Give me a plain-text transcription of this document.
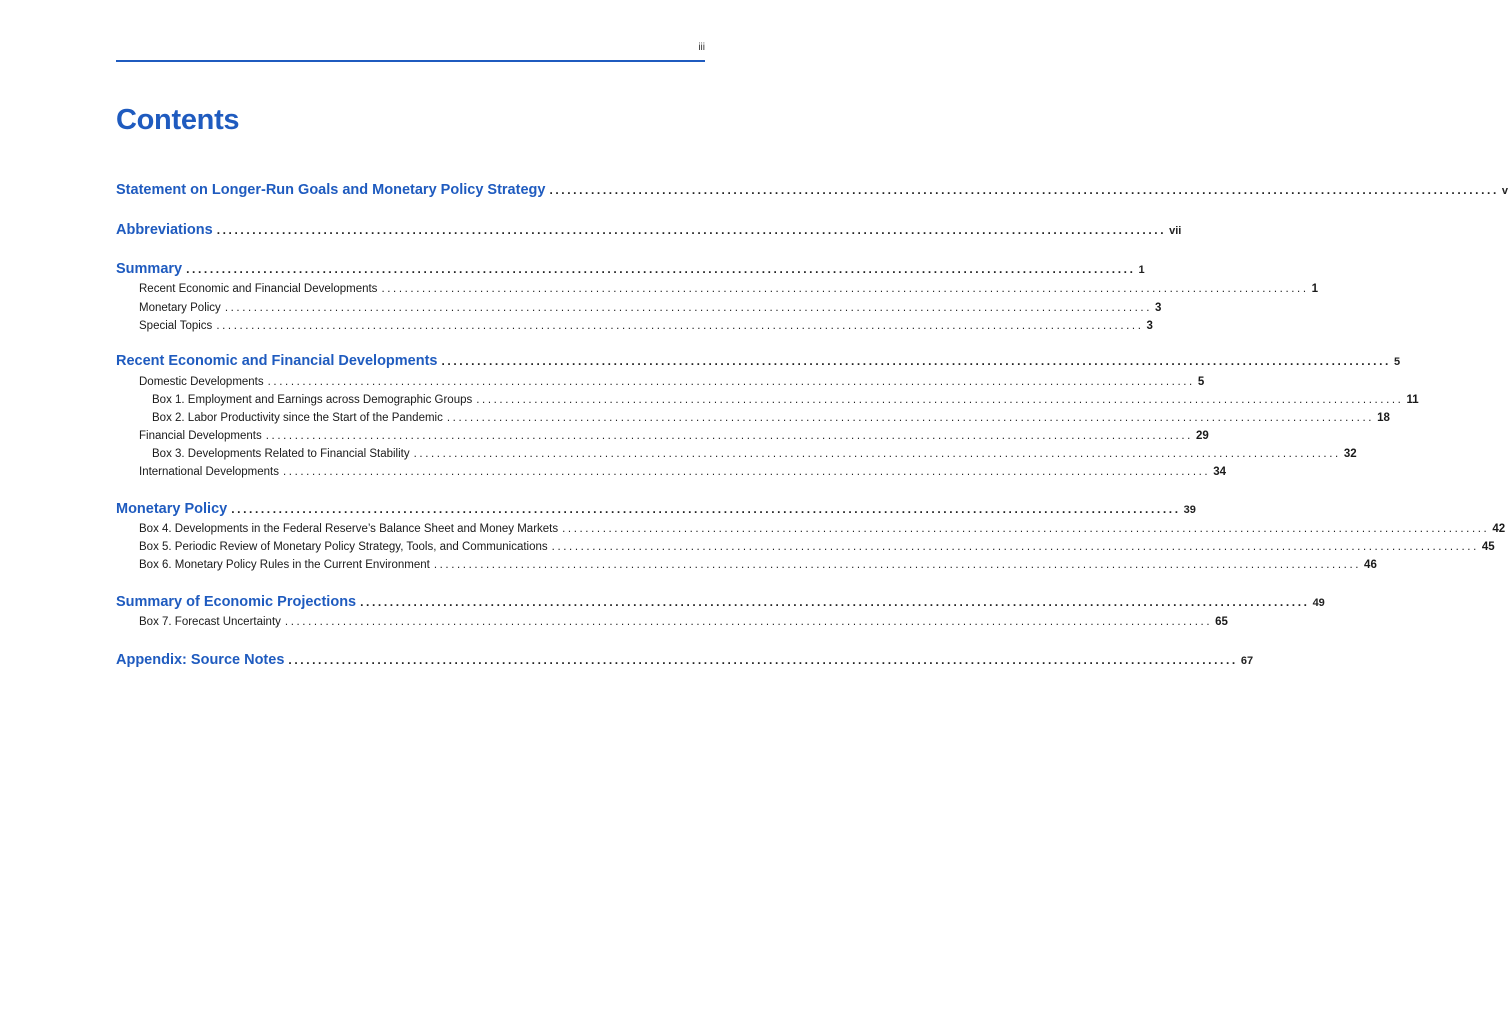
iii
Contents
Statement on Longer-Run Goals and Monetary Policy Strategy ................................................................................................................................................................ v
Abbreviations ................................................................................................................................................................ vii
Summary ................................................................................................................................................................ 1
Recent Economic and Financial Developments ................................................................................................................................................................ 1
Monetary Policy ................................................................................................................................................................ 3
Special Topics ................................................................................................................................................................ 3
Recent Economic and Financial Developments ................................................................................................................................................................ 5
Domestic Developments ................................................................................................................................................................ 5
Box 1. Employment and Earnings across Demographic Groups ................................................................................................................................................................ 11
Box 2. Labor Productivity since the Start of the Pandemic ................................................................................................................................................................ 18
Financial Developments ................................................................................................................................................................ 29
Box 3. Developments Related to Financial Stability ................................................................................................................................................................ 32
International Developments ................................................................................................................................................................ 34
Monetary Policy ................................................................................................................................................................ 39
Box 4. Developments in the Federal Reserve’s Balance Sheet and Money Markets ................................................................................................................................................................ 42
Box 5. Periodic Review of Monetary Policy Strategy, Tools, and Communications ................................................................................................................................................................ 45
Box 6. Monetary Policy Rules in the Current Environment ................................................................................................................................................................ 46
Summary of Economic Projections ................................................................................................................................................................ 49
Box 7. Forecast Uncertainty ................................................................................................................................................................ 65
Appendix: Source Notes ................................................................................................................................................................ 67
